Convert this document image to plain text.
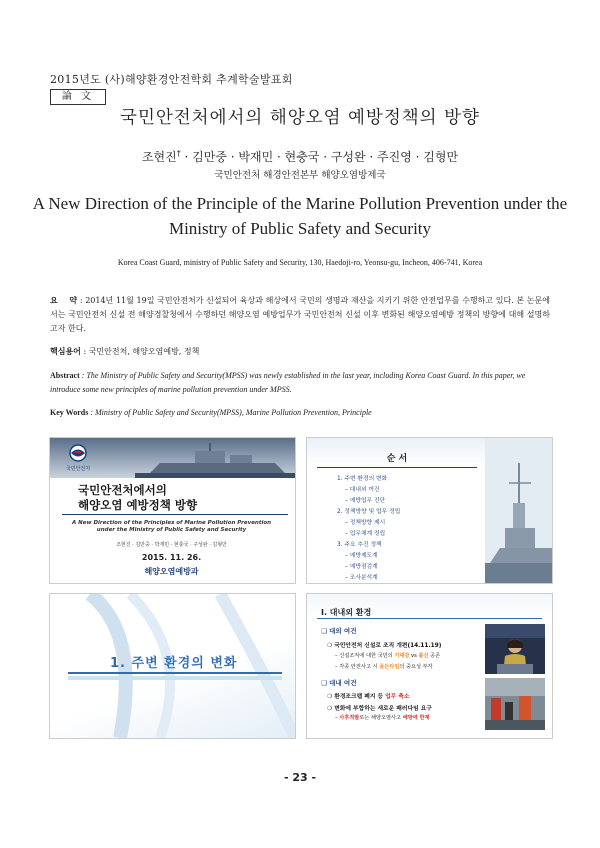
2015년도 (사)해양환경안전학회 추계학술발표회
論 文
국민안전처에서의 해양오염 예방정책의 방향
조현진† · 김만중 · 박재민 · 현충국 · 구성완 · 주진영 · 김형만
국민안전처 해경안전본부 해양오염방제국
A New Direction of the Principle of the Marine Pollution Prevention under the Ministry of Public Safety and Security
Korea Coast Guard, ministry of Public Safety and Security, 130, Haedoji-ro, Yeonsu-gu, Incheon, 406-741, Korea
요    약 : 2014년 11월 19일 국민안전처가 신설되어 육상과 해상에서 국민의 생명과 재산을 지키기 위한 안전업무를 수행하고 있다. 본 논문에서는 국민안전처 신설 전 해양경찰청에서 수행하던 해양오염 예방업무가 국민안전처 신설 이후 변화된 해양오염예방 정책의 방향에 대해 설명하고자 한다.
핵심용어 : 국민안전처, 해양오염예방, 정책
Abstract : The Ministry of Public Safety and Security(MPSS) was newly established in the last year, including Korea Coast Guard. In this paper, we introduce some new principles of marine pollution prevention under MPSS.
Key Words : Ministry of Public Safety and Security(MPSS), Marine Pollution Prevention, Principle
국민안전처
국민안전처에서의
해양오염 예방정책 방향
A New Direction of the Principles of Marine Pollution Prevention
under the Ministry of Public Safety and Security
조현진 · 김만중 · 박재민 · 현충국 · 구성완 · 김형만
2015. 11. 26.
해양오염예방과
순 서
1. 주변 환경의 변화
– 대내외 여건
– 예방업무 진단
2. 정책방향 및 업무 정립
– 정책방향 제시
– 업무체계 정립
3. 주요 추진 정책
– 예방제도계
– 예방점검계
– 조사분석계
1. 주변 환경의 변화
Ⅰ. 대내외 환경
❑ 대외 여건
❍ 국민안전처 신설로 조직 개편(14.11.19)
– 신설조직에 대한 국민의 기대감 vs 불신 공존
– 각종 안전사고 시 골든타임의 중요성 부각
❑ 대내 여건
❍ 환경조크랩 폐지 등 업무 축소
❍ 변화에 부합하는 새로운 패러다임 요구
– 사후적발로는 해양오염사고 예방에 한계
- 23 -
